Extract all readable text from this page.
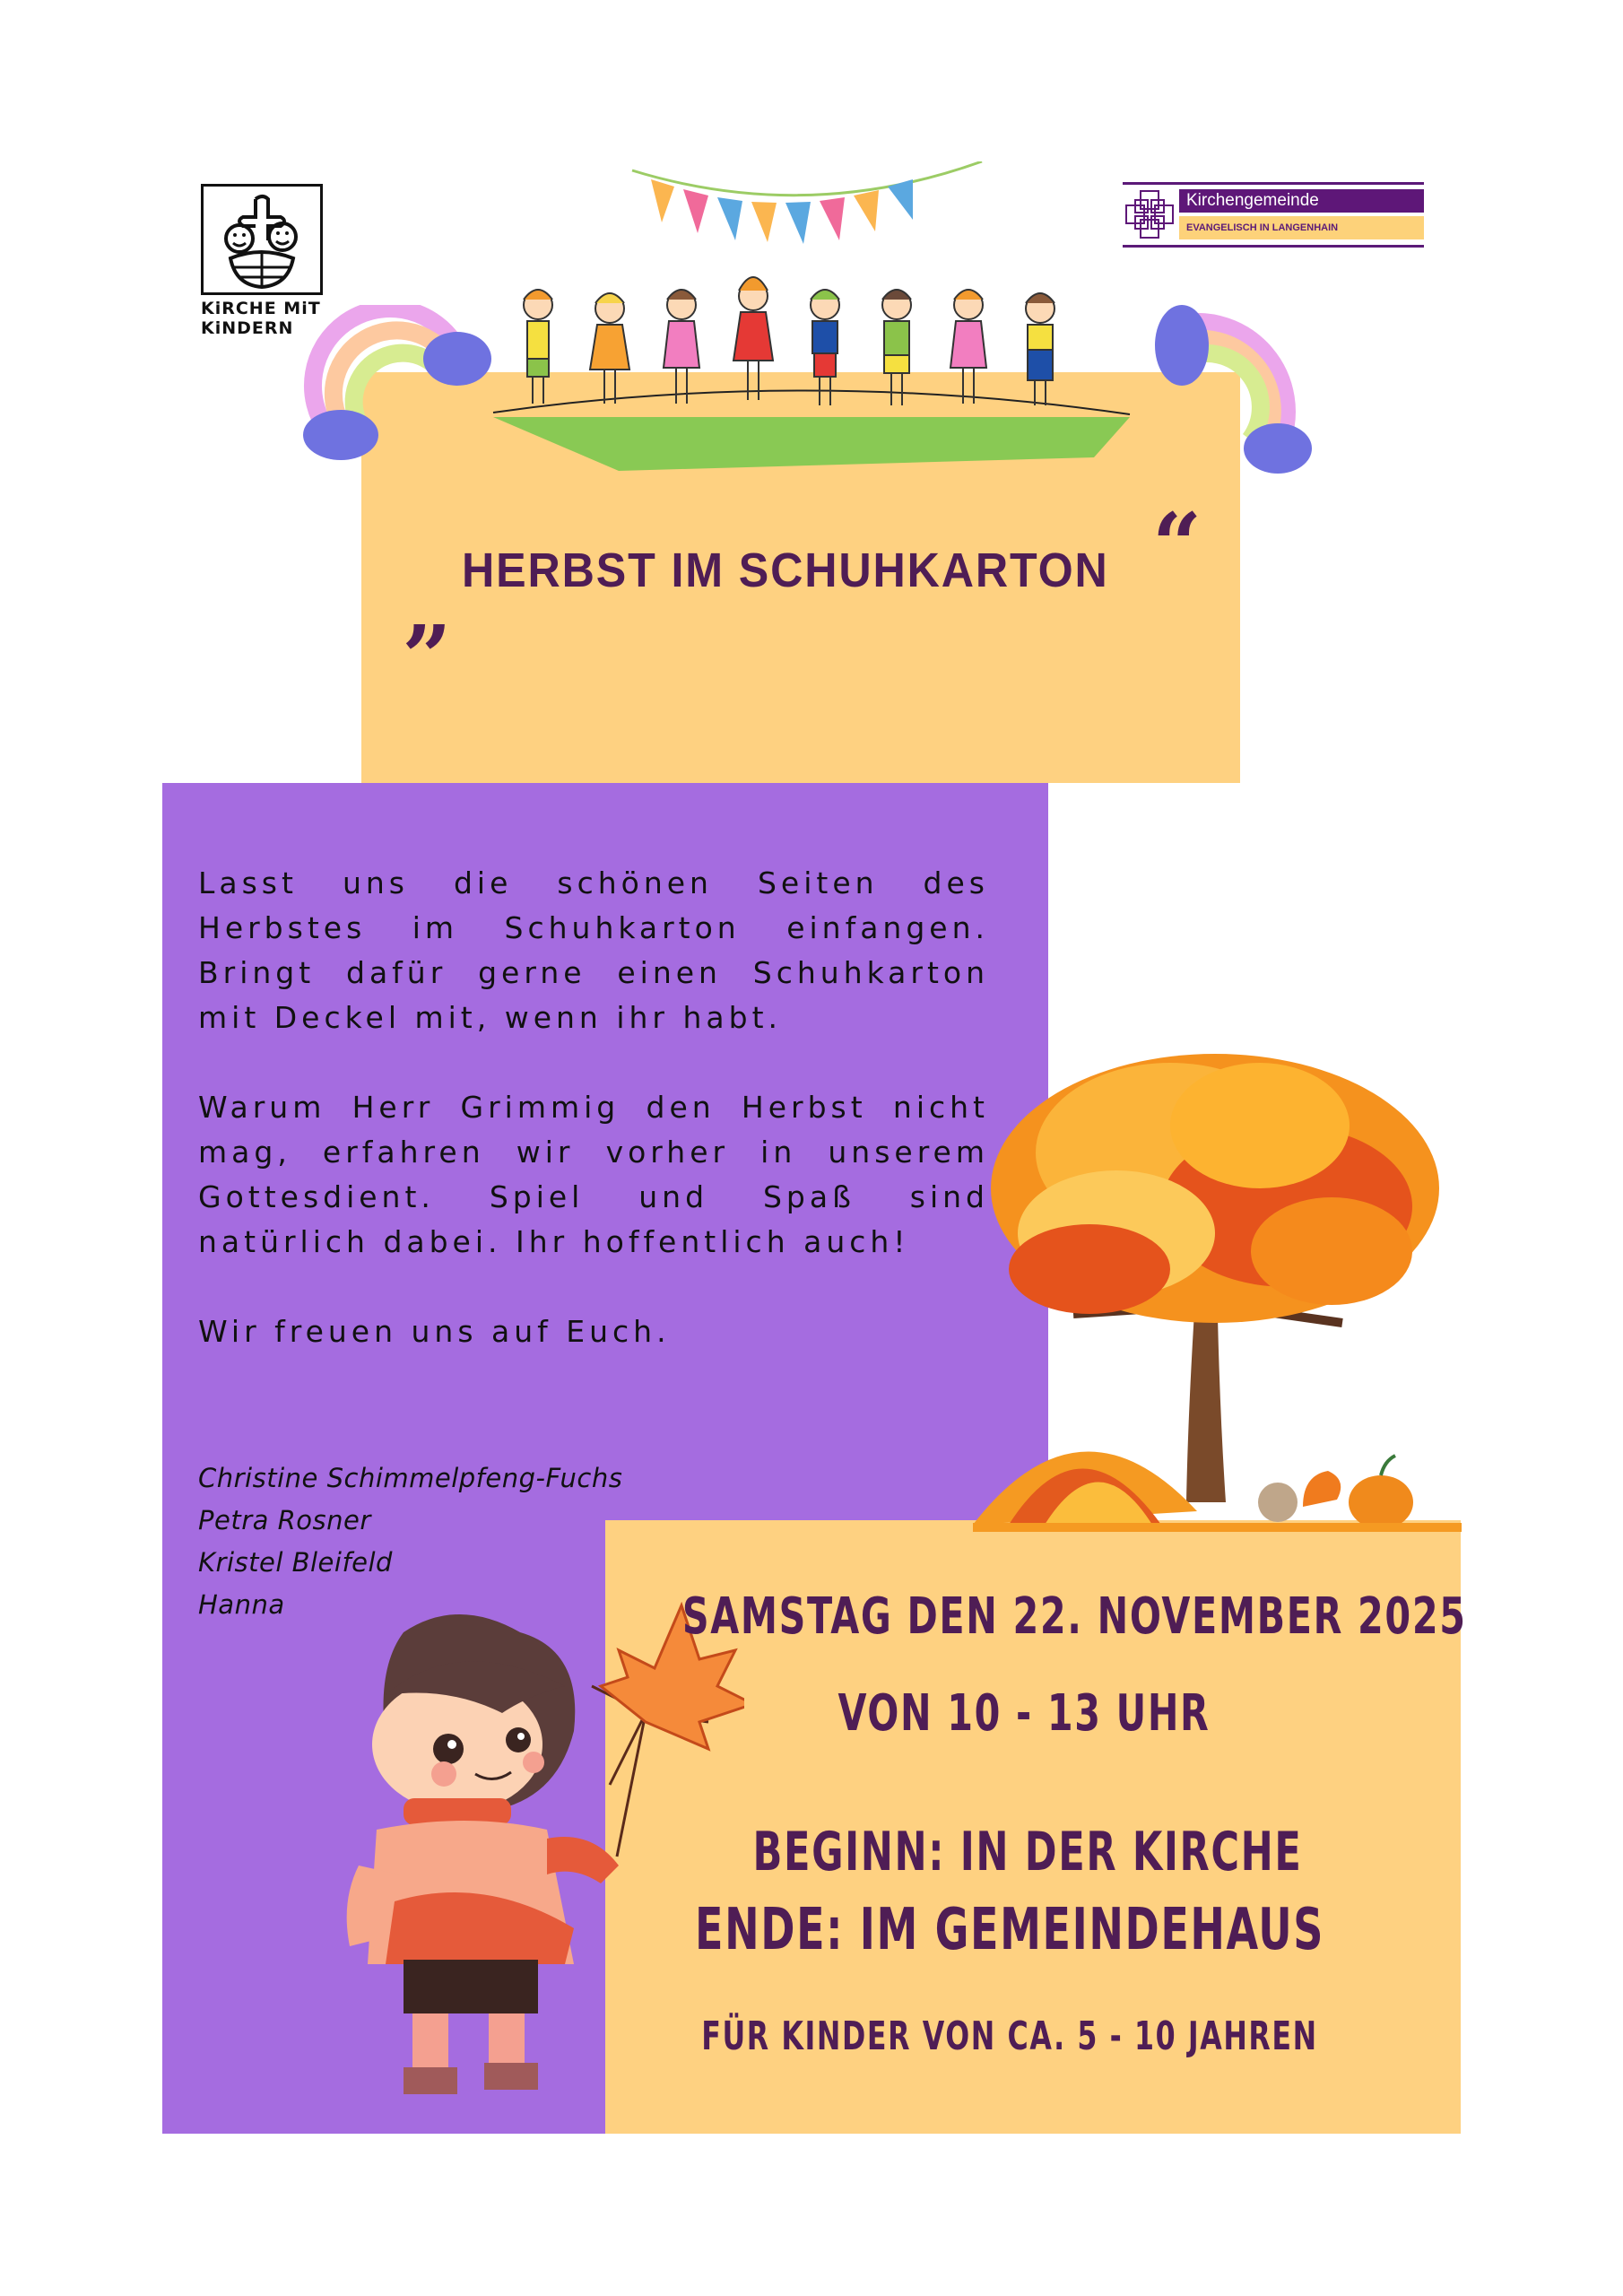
KiRCHE MiT
KiNDERN
Kirchengemeinde
EVANGELISCH IN LANGENHAIN
„ HERBST IM SCHUHKARTON “

Lasst uns die schönen Seiten des Herbstes im Schuhkarton einfangen. Bringt dafür gerne einen Schuhkarton mit Deckel mit, wenn ihr habt.

Warum Herr Grimmig den Herbst nicht mag, erfahren wir vorher in unserem Gottesdient. Spiel und Spaß sind natürlich dabei. Ihr hoffentlich auch!

Wir freuen uns auf Euch.

Christine Schimmelpfeng-Fuchs
Petra Rosner
Kristel Bleifeld
Hanna	SAMSTAG DEN 22. NOVEMBER 2025
VON 10 - 13 UHR
BEGINN: IN DER KIRCHE
ENDE: IM GEMEINDEHAUS
FÜR KINDER VON CA. 5 - 10 JAHREN
